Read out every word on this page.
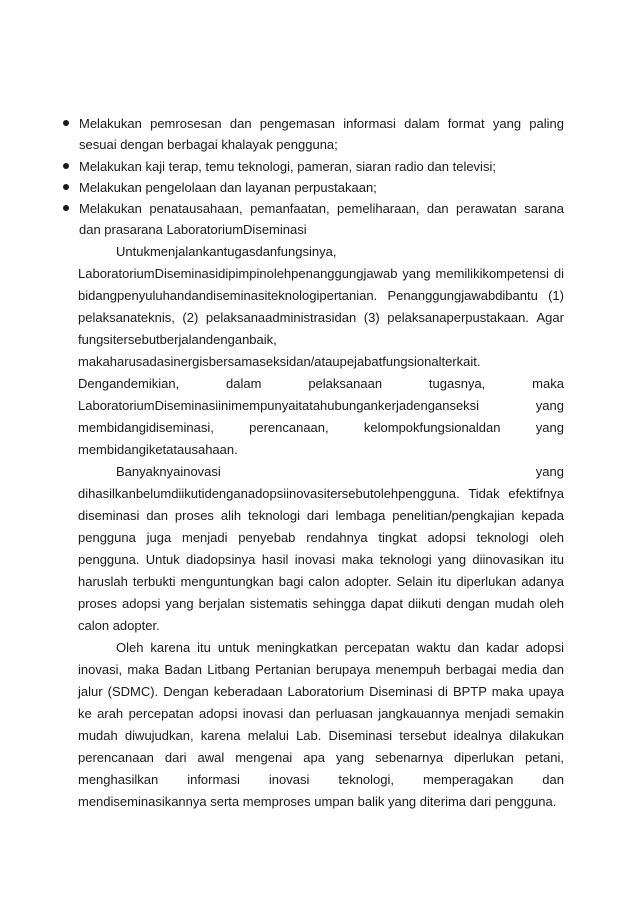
Melakukan pemrosesan dan pengemasan informasi dalam format yang paling sesuai dengan berbagai khalayak pengguna;
Melakukan kaji terap, temu teknologi, pameran, siaran radio dan televisi;
Melakukan pengelolaan dan layanan perpustakaan;
Melakukan penatausahaan, pemanfaatan, pemeliharaan, dan perawatan sarana dan prasarana LaboratoriumDiseminasi

Untukmenjalankantugasdanfungsinya,

LaboratoriumDiseminasidipimpinolehpenanggungjawab yang memilikikompetensi di

bidangpenyuluhandandiseminasiteknologipertanian. Penanggungjawabdibantu (1)

pelaksanateknis, (2) pelaksanaadministrasidan (3) pelaksanaperpustakaan. Agar

fungsitersebutberjalandenganbaik,

makaharusadasinergisbersamaseksidan/ataupejabatfungsionalterkait.

Dengandemikian,	dalam	pelaksanaan	tugasnya,	maka

LaboratoriumDiseminasiinimempunyaitatahubungankerjadenganseksi	yang

membidangidiseminasi,	perencanaan,	kelompokfungsionaldan	yang

membidangiketatausahaan.

Banyaknyainovasi	yang

dihasilkanbelumdiikutidenganadopsiinovasitersebutolehpengguna. Tidak efektifnya

diseminasi dan proses alih teknologi dari lembaga penelitian/pengkajian kepada pengguna juga menjadi penyebab rendahnya tingkat adopsi teknologi oleh pengguna. Untuk diadopsinya hasil inovasi maka teknologi yang diinovasikan itu haruslah terbukti menguntungkan bagi calon adopter. Selain itu diperlukan adanya proses adopsi yang berjalan sistematis sehingga dapat diikuti dengan mudah oleh calon adopter.

Oleh karena itu untuk meningkatkan percepatan waktu dan kadar adopsi inovasi, maka Badan Litbang Pertanian berupaya menempuh berbagai media dan jalur (SDMC). Dengan keberadaan Laboratorium Diseminasi di BPTP maka upaya ke arah percepatan adopsi inovasi dan perluasan jangkauannya menjadi semakin mudah diwujudkan, karena melalui Lab. Diseminasi tersebut idealnya dilakukan perencanaan dari awal mengenai apa yang sebenarnya diperlukan petani, menghasilkan informasi inovasi teknologi, memperagakan dan mendiseminasikannya serta memproses umpan balik yang diterima dari pengguna.
